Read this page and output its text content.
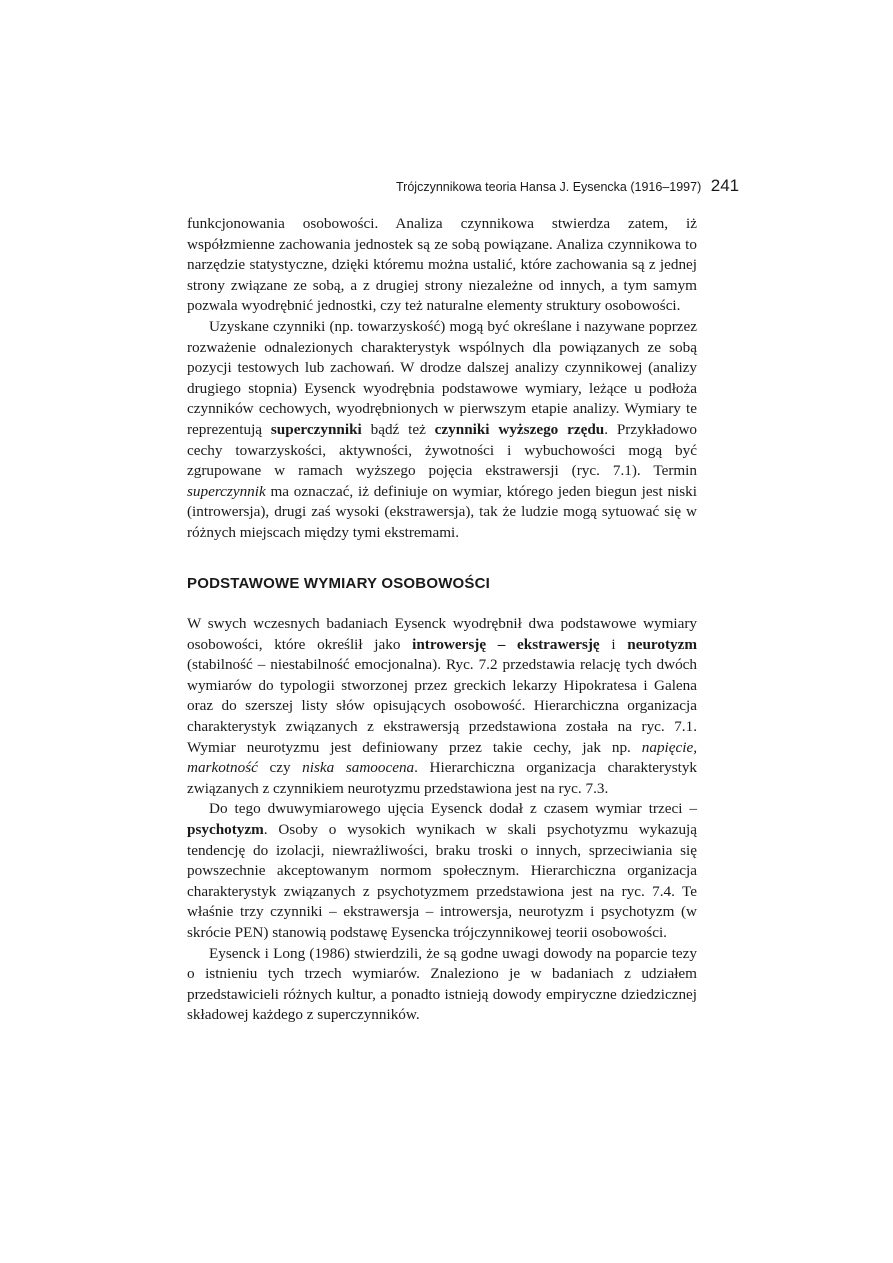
Trójczynnikowa teoria Hansa J. Eysencka (1916–1997) 241

funkcjonowania osobowości. Analiza czynnikowa stwierdza zatem, iż współzmienne zachowania jednostek są ze sobą powiązane. Analiza czynnikowa to narzędzie statystyczne, dzięki któremu można ustalić, które zachowania są z jednej strony związane ze sobą, a z drugiej strony niezależne od innych, a tym samym pozwala wyodrębnić jednostki, czy też naturalne elementy struktury osobowości.

Uzyskane czynniki (np. towarzyskość) mogą być określane i nazywane poprzez rozważenie odnalezionych charakterystyk wspólnych dla powiązanych ze sobą pozycji testowych lub zachowań. W drodze dalszej analizy czynnikowej (analizy drugiego stopnia) Eysenck wyodrębnia podstawowe wymiary, leżące u podłoża czynników cechowych, wyodrębnionych w pierwszym etapie analizy. Wymiary te reprezentują superczynniki bądź też czynniki wyższego rzędu. Przykładowo cechy towarzyskości, aktywności, żywotności i wybuchowości mogą być zgrupowane w ramach wyższego pojęcia ekstrawersji (ryc. 7.1). Termin superczynnik ma oznaczać, iż definiuje on wymiar, którego jeden biegun jest niski (introwersja), drugi zaś wysoki (ekstrawersja), tak że ludzie mogą sytuować się w różnych miejscach między tymi ekstremami.

PODSTAWOWE WYMIARY OSOBOWOŚCI

W swych wczesnych badaniach Eysenck wyodrębnił dwa podstawowe wymiary osobowości, które określił jako introwersję – ekstrawersję i neurotyzm (stabilność – niestabilność emocjonalna). Ryc. 7.2 przedstawia relację tych dwóch wymiarów do typologii stworzonej przez greckich lekarzy Hipokratesa i Galena oraz do szerszej listy słów opisujących osobowość. Hierarchiczna organizacja charakterystyk związanych z ekstrawersją przedstawiona została na ryc. 7.1. Wymiar neurotyzmu jest definiowany przez takie cechy, jak np. napięcie, markotność czy niska samoocena. Hierarchiczna organizacja charakterystyk związanych z czynnikiem neurotyzmu przedstawiona jest na ryc. 7.3.

Do tego dwuwymiarowego ujęcia Eysenck dodał z czasem wymiar trzeci – psychotyzm. Osoby o wysokich wynikach w skali psychotyzmu wykazują tendencję do izolacji, niewrażliwości, braku troski o innych, sprzeciwiania się powszechnie akceptowanym normom społecznym. Hierarchiczna organizacja charakterystyk związanych z psychotyzmem przedstawiona jest na ryc. 7.4. Te właśnie trzy czynniki – ekstrawersja – introwersja, neurotyzm i psychotyzm (w skrócie PEN) stanowią podstawę Eysencka trójczynnikowej teorii osobowości.

Eysenck i Long (1986) stwierdzili, że są godne uwagi dowody na poparcie tezy o istnieniu tych trzech wymiarów. Znaleziono je w badaniach z udziałem przedstawicieli różnych kultur, a ponadto istnieją dowody empiryczne dziedzicznej składowej każdego z superczynników.
